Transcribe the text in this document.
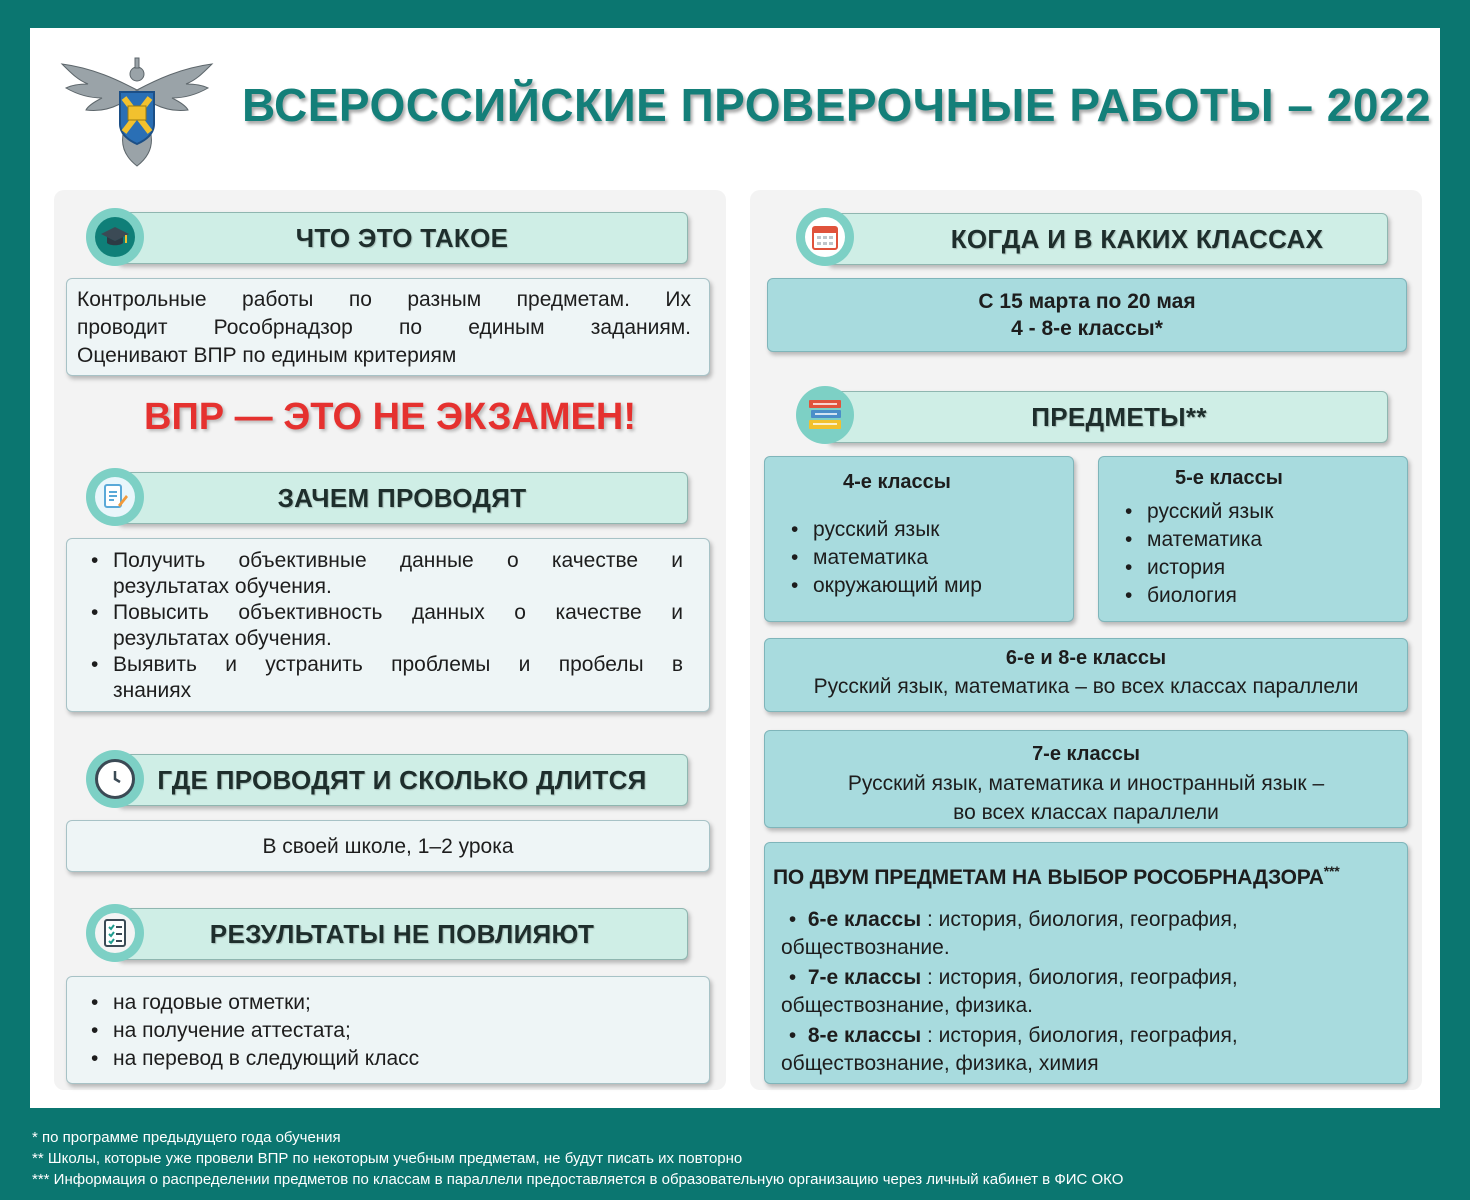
ВСЕРОССИЙСКИЕ ПРОВЕРОЧНЫЕ РАБОТЫ – 2022
ЧТО ЭТО ТАКОЕ
Контрольные работы по разным предметам. Их
проводит Рособрнадзор по единым заданиям.
Оценивают ВПР по единым критериям
ВПР — ЭТО НЕ ЭКЗАМЕН!
ЗАЧЕМ ПРОВОДЯТ
• Получить объективные данные о качестве и
результатах обучения.
• Повысить объективность данных о качестве и
результатах обучения.
• Выявить и устранить проблемы и пробелы в
знаниях
ГДЕ ПРОВОДЯТ И СКОЛЬКО ДЛИТСЯ
В своей школе, 1–2 урока
РЕЗУЛЬТАТЫ НЕ ПОВЛИЯЮТ
• на годовые отметки;
• на получение аттестата;
• на перевод в следующий класс
КОГДА И В КАКИХ КЛАССАХ
С 15 марта по 20 мая
4 - 8-е классы*
ПРЕДМЕТЫ**
4-е классы
• русский язык
• математика
• окружающий мир
5-е классы
• русский язык
• математика
• история
• биология
6-е и 8-е классы
Русский язык, математика – во всех классах параллели
7-е классы
Русский язык, математика и иностранный язык –
во всех классах параллели
ПО ДВУМ ПРЕДМЕТАМ НА ВЫБОР РОСОБРНАДЗОРА***
•  6-е классы : история, биология, география,
обществознание.
•  7-е классы : история, биология, география,
обществознание, физика.
•  8-е классы : история, биология, география,
обществознание, физика, химия
* по программе предыдущего года обучения
** Школы, которые уже провели ВПР по некоторым учебным предметам, не будут писать их повторно
*** Информация о распределении предметов по классам в параллели предоставляется в образовательную организацию через личный кабинет в ФИС ОКО
